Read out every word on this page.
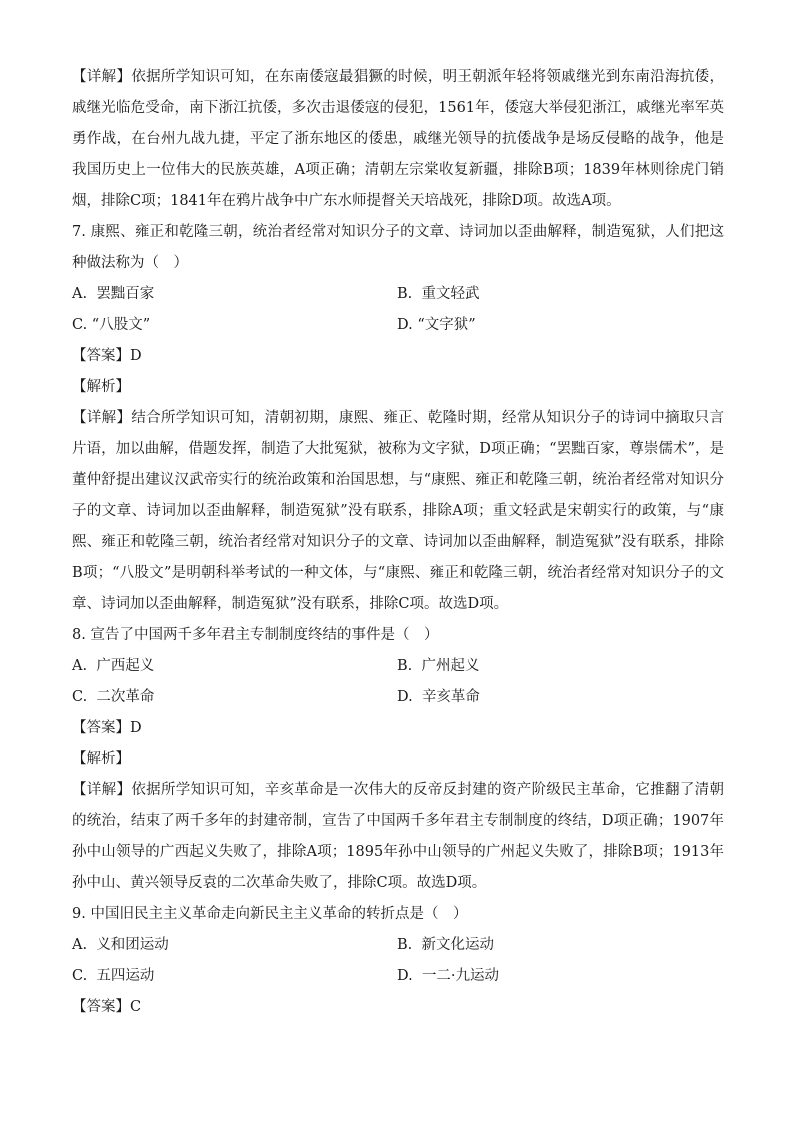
【详解】依据所学知识可知，在东南倭寇最猖獗的时候，明王朝派年轻将领戚继光到东南沿海抗倭，戚继光临危受命，南下浙江抗倭，多次击退倭寇的侵犯，1561年，倭寇大举侵犯浙江，戚继光率军英勇作战，在台州九战九捷，平定了浙东地区的倭患，戚继光领导的抗倭战争是场反侵略的战争，他是我国历史上一位伟大的民族英雄，A项正确；清朝左宗棠收复新疆，排除B项；1839年林则徐虎门销烟，排除C项；1841年在鸦片战争中广东水师提督关天培战死，排除D项。故选A项。

7. 康熙、雍正和乾隆三朝，统治者经常对知识分子的文章、诗词加以歪曲解释，制造冤狱，人们把这种做法称为（　）

A. 罢黜百家	B. 重文轻武
C. “八股文”	D. “文字狱”

【答案】D

【解析】

【详解】结合所学知识可知，清朝初期，康熙、雍正、乾隆时期，经常从知识分子的诗词中摘取只言片语，加以曲解，借题发挥，制造了大批冤狱，被称为文字狱，D项正确；“罢黜百家，尊崇儒术”，是董仲舒提出建议汉武帝实行的统治政策和治国思想，与“康熙、雍正和乾隆三朝，统治者经常对知识分子的文章、诗词加以歪曲解释，制造冤狱”没有联系，排除A项；重文轻武是宋朝实行的政策，与“康熙、雍正和乾隆三朝，统治者经常对知识分子的文章、诗词加以歪曲解释，制造冤狱”没有联系，排除B项；“八股文”是明朝科举考试的一种文体，与“康熙、雍正和乾隆三朝，统治者经常对知识分子的文章、诗词加以歪曲解释，制造冤狱”没有联系，排除C项。故选D项。

8. 宣告了中国两千多年君主专制制度终结的事件是（　）

A. 广西起义	B. 广州起义
C. 二次革命	D. 辛亥革命

【答案】D

【解析】

【详解】依据所学知识可知，辛亥革命是一次伟大的反帝反封建的资产阶级民主革命，它推翻了清朝的统治，结束了两千多年的封建帝制，宣告了中国两千多年君主专制制度的终结，D项正确；1907年孙中山领导的广西起义失败了，排除A项；1895年孙中山领导的广州起义失败了，排除B项；1913年孙中山、黄兴领导反袁的二次革命失败了，排除C项。故选D项。

9. 中国旧民主主义革命走向新民主主义革命的转折点是（　）

A. 义和团运动	B. 新文化运动
C. 五四运动	D. 一二·九运动

【答案】C
